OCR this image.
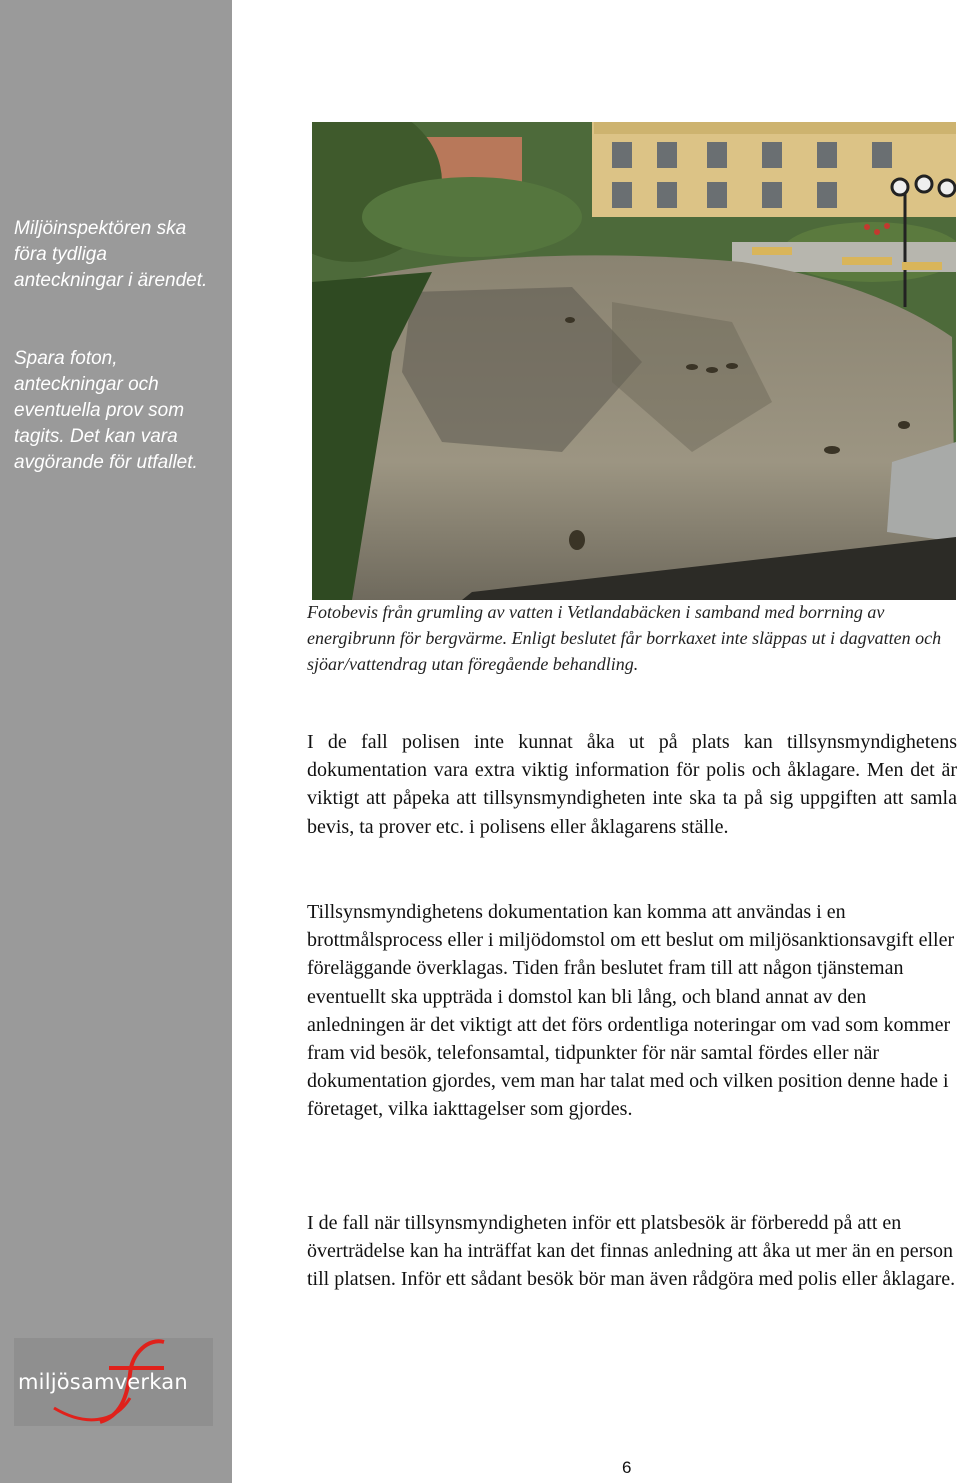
Miljöinspektören ska föra tydliga anteckningar i ärendet.

Spara foton, anteckningar och eventuella prov som tagits. Det kan vara avgörande för utfallet.

Fotobevis från grumling av vatten i Vetlandabäcken i samband med borrning av energibrunn för bergvärme. Enligt beslutet får borrkaxet inte släppas ut i dagvatten och sjöar/vattendrag utan föregående behandling.

I de fall polisen inte kunnat åka ut på plats kan tillsynsmyndighetens dokumentation vara extra viktig information för polis och åklagare. Men det är viktigt att påpeka att tillsynsmyndigheten inte ska ta på sig uppgiften att samla bevis, ta prover etc. i polisens eller åklagarens ställe.

Tillsynsmyndighetens dokumentation kan komma att användas i en brottmålsprocess eller i miljödomstol om ett beslut om miljösanktionsavgift eller föreläggande överklagas. Tiden från beslutet fram till att någon tjänsteman eventuellt ska uppträda i domstol kan bli lång, och bland annat av den anledningen är det viktigt att det förs ordentliga noteringar om vad som kommer fram vid besök, telefonsamtal, tidpunkter för när samtal fördes eller när dokumentation gjordes, vem man har talat med och vilken position denne hade i företaget, vilka iakttagelser som gjordes.

I de fall när tillsynsmyndigheten inför ett platsbesök är förberedd på att en överträdelse kan ha inträffat kan det finnas anledning att åka ut mer än en person till platsen. Inför ett sådant besök bör man även rådgöra med polis eller åklagare.

miljösamverkan
6
